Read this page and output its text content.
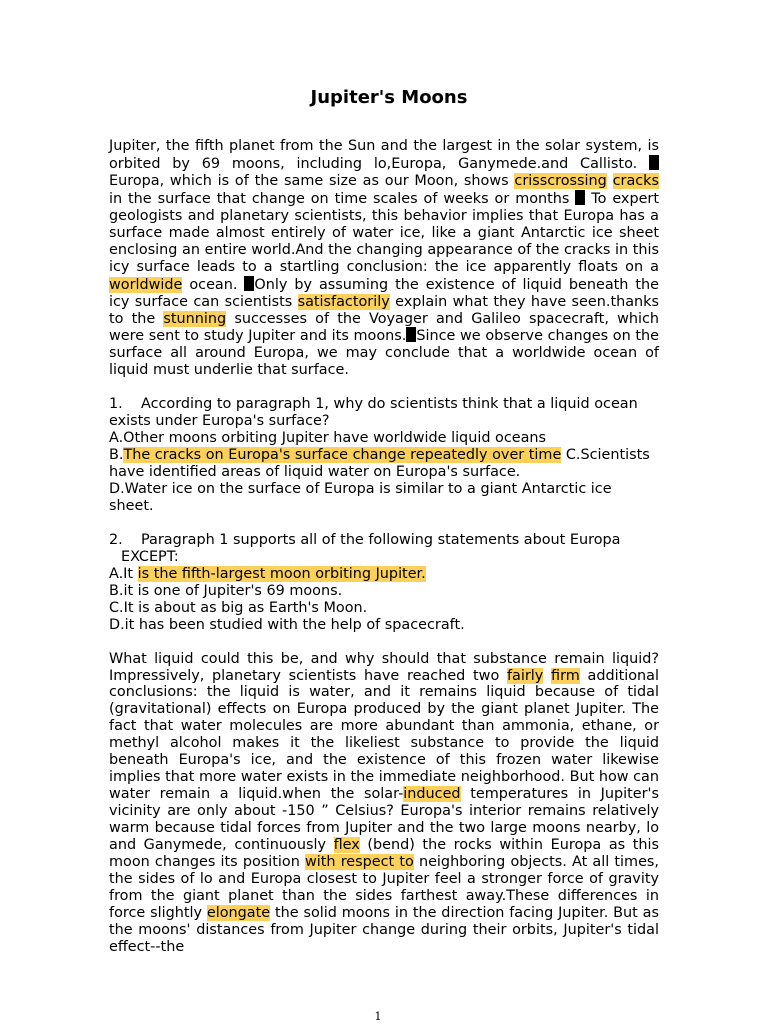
Jupiter's Moons

Jupiter, the fifth planet from the Sun and the largest in the solar system, is orbited by 69 moons, including lo,Europa, Ganymede.and Callisto.  Europa, which is of the same size as our Moon, shows crisscrossing cracks in the surface that change on time scales of weeks or months  To expert geologists and planetary scientists, this behavior implies that Europa has a surface made almost entirely of water ice, like a giant Antarctic ice sheet enclosing an entire world.And the changing appearance of the cracks in this icy surface leads to a startling conclusion: the ice apparently floats on a worldwide ocean. Only by assuming the existence of liquid beneath the icy surface can scientists satisfactorily explain what they have seen.thanks to the stunning successes of the Voyager and Galileo spacecraft, which were sent to study Jupiter and its moons. Since we observe changes on the surface all around Europa, we may conclude that a worldwide ocean of liquid must underlie that surface.

1. According to paragraph 1, why do scientists think that a liquid ocean exists under Europa's surface?

A.Other moons orbiting Jupiter have worldwide liquid oceans

B.The cracks on Europa's surface change repeatedly over time C.Scientists have identified areas of liquid water on Europa's surface.

D.Water ice on the surface of Europa is similar to a giant Antarctic ice sheet.

2. Paragraph 1 supports all of the following statements about Europa

EXCEPT:

A.It is the fifth-largest moon orbiting Jupiter.

B.it is one of Jupiter's 69 moons.

C.It is about as big as Earth's Moon.

D.it has been studied with the help of spacecraft.

What liquid could this be, and why should that substance remain liquid? Impressively, planetary scientists have reached two fairly firm additional conclusions: the liquid is water, and it remains liquid because of tidal (gravitational) effects on Europa produced by the giant planet Jupiter. The fact that water molecules are more abundant than ammonia, ethane, or methyl alcohol makes it the likeliest substance to provide the liquid beneath Europa's ice, and the existence of this frozen water likewise implies that more water exists in the immediate neighborhood. But how can water remain a liquid.when the solar-induced temperatures in Jupiter's vicinity are only about -150 ” Celsius? Europa's interior remains relatively warm because tidal forces from Jupiter and the two large moons nearby, lo and Ganymede, continuously flex (bend) the rocks within Europa as this moon changes its position with respect to neighboring objects. At all times, the sides of lo and Europa closest to Jupiter feel a stronger force of gravity from the giant planet than the sides farthest away.These differences in force slightly elongate the solid moons in the direction facing Jupiter. But as the moons' distances from Jupiter change during their orbits, Jupiter's tidal effect--the

1
